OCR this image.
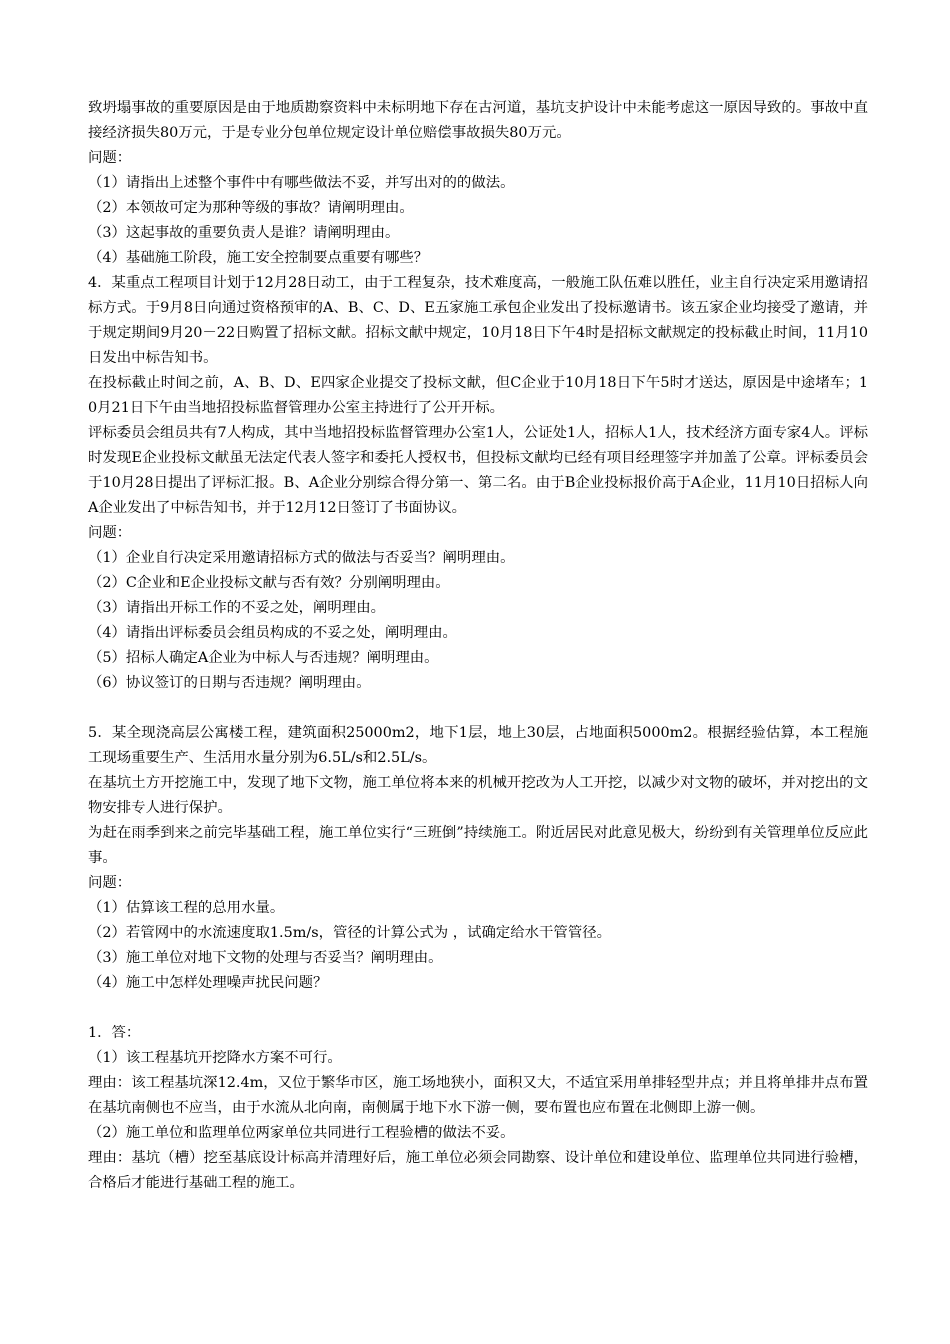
致坍塌事故的重要原因是由于地质勘察资料中未标明地下存在古河道，基坑支护设计中未能考虑这一原因导致的。事故中直接经济损失80万元，于是专业分包单位规定设计单位赔偿事故损失80万元。

问题：

（1）请指出上述整个事件中有哪些做法不妥，并写出对的的做法。

（2）本领故可定为那种等级的事故？请阐明理由。

（3）这起事故的重要负责人是谁？请阐明理由。

（4）基础施工阶段，施工安全控制要点重要有哪些？

4．某重点工程项目计划于12月28日动工，由于工程复杂，技术难度高，一般施工队伍难以胜任，业主自行决定采用邀请招标方式。于9月8日向通过资格预审的A、B、C、D、E五家施工承包企业发出了投标邀请书。该五家企业均接受了邀请，并于规定期间9月20－22日购置了招标文献。招标文献中规定，10月18日下午4时是招标文献规定的投标截止时间，11月10日发出中标告知书。

在投标截止时间之前，A、B、D、E四家企业提交了投标文献，但C企业于10月18日下午5时才送达，原因是中途堵车；10月21日下午由当地招投标监督管理办公室主持进行了公开开标。

评标委员会组员共有7人构成，其中当地招投标监督管理办公室1人，公证处1人，招标人1人，技术经济方面专家4人。评标时发现E企业投标文献虽无法定代表人签字和委托人授权书，但投标文献均已经有项目经理签字并加盖了公章。评标委员会于10月28日提出了评标汇报。B、A企业分别综合得分第一、第二名。由于B企业投标报价高于A企业，11月10日招标人向A企业发出了中标告知书，并于12月12日签订了书面协议。

问题：

（1）企业自行决定采用邀请招标方式的做法与否妥当？阐明理由。

（2）C企业和E企业投标文献与否有效？分别阐明理由。

（3）请指出开标工作的不妥之处，阐明理由。

（4）请指出评标委员会组员构成的不妥之处，阐明理由。

（5）招标人确定A企业为中标人与否违规？阐明理由。

（6）协议签订的日期与否违规？阐明理由。

5．某全现浇高层公寓楼工程，建筑面积25000m2，地下1层，地上30层，占地面积5000m2。根据经验估算，本工程施工现场重要生产、生活用水量分别为6.5L/s和2.5L/s。

在基坑土方开挖施工中，发现了地下文物，施工单位将本来的机械开挖改为人工开挖，以减少对文物的破坏，并对挖出的文物安排专人进行保护。

为赶在雨季到来之前完毕基础工程，施工单位实行“三班倒”持续施工。附近居民对此意见极大，纷纷到有关管理单位反应此事。

问题：

（1）估算该工程的总用水量。

（2）若管网中的水流速度取1.5m/s，管径的计算公式为 ，试确定给水干管管径。

（3）施工单位对地下文物的处理与否妥当？阐明理由。

（4）施工中怎样处理噪声扰民问题？

1．答：

（1）该工程基坑开挖降水方案不可行。

理由：该工程基坑深12.4m，又位于繁华市区，施工场地狭小，面积又大，不适宜采用单排轻型井点；并且将单排井点布置在基坑南侧也不应当，由于水流从北向南，南侧属于地下水下游一侧，要布置也应布置在北侧即上游一侧。

（2）施工单位和监理单位两家单位共同进行工程验槽的做法不妥。

理由：基坑（槽）挖至基底设计标高并清理好后，施工单位必须会同勘察、设计单位和建设单位、监理单位共同进行验槽，合格后才能进行基础工程的施工。
